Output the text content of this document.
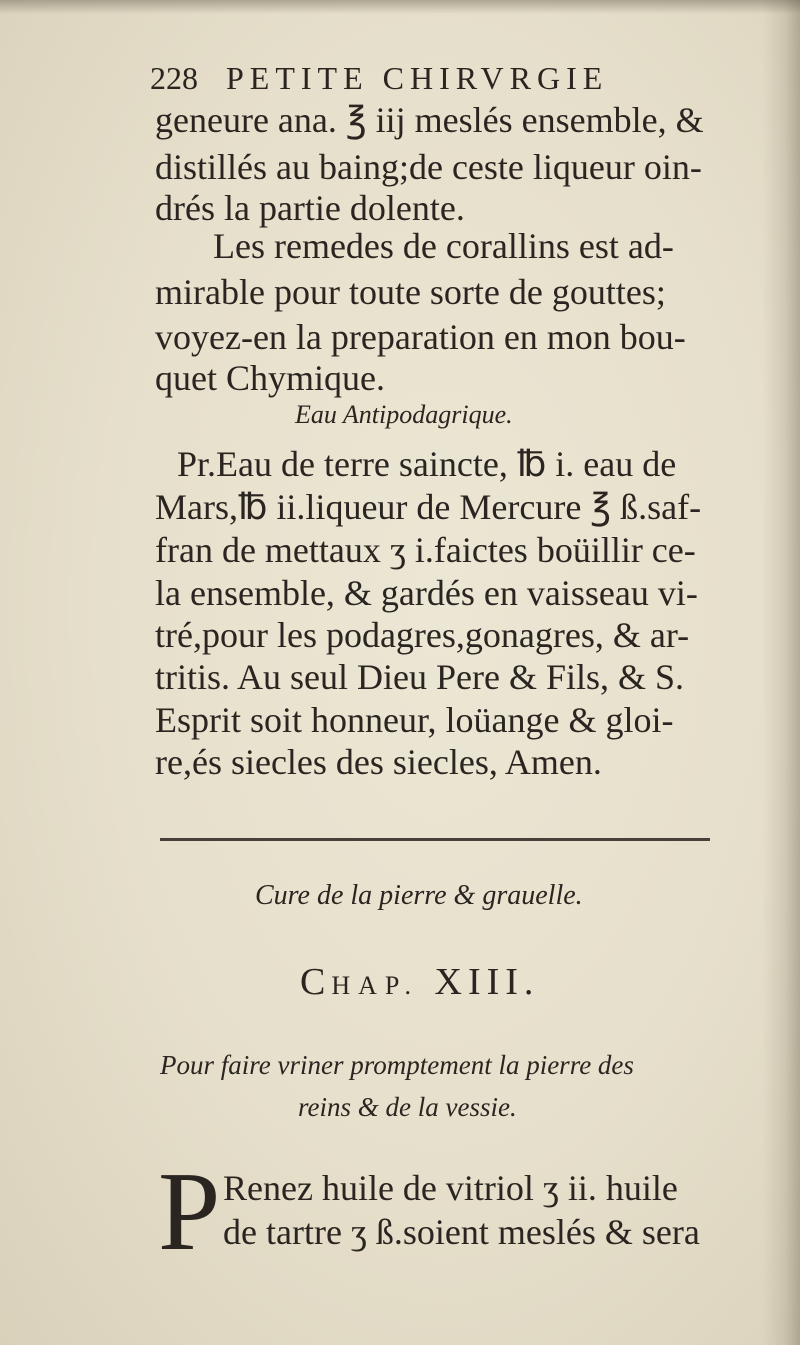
228 PETITE CHIRVRGIE
geneure ana. ℥ iij meslés ensemble, &
distillés au baing;de ceste liqueur oin-
drés la partie dolente.
Les remedes de corallins est ad-
mirable pour toute sorte de gouttes;
voyez-en la preparation en mon bou-
quet Chymique.
Eau Antipodagrique.
Pr.Eau de terre saincte, ℔ i. eau de
Mars,℔ ii.liqueur de Mercure ℥ ß.saf-
fran de mettaux ʒ i.faictes boüillir ce-
la ensemble, & gardés en vaisseau vi-
tré,pour les podagres,gonagres, & ar-
tritis. Au seul Dieu Pere & Fils, & S.
Esprit soit honneur, loüange & gloi-
re,és siecles des siecles, Amen.
Cure de la pierre & grauelle.
CHAP. XIII.
Pour faire vriner promptement la pierre des
reins & de la vessie.
P Renez huile de vitriol ʒ ii. huile
de tartre ʒ ß.soient meslés & sera
